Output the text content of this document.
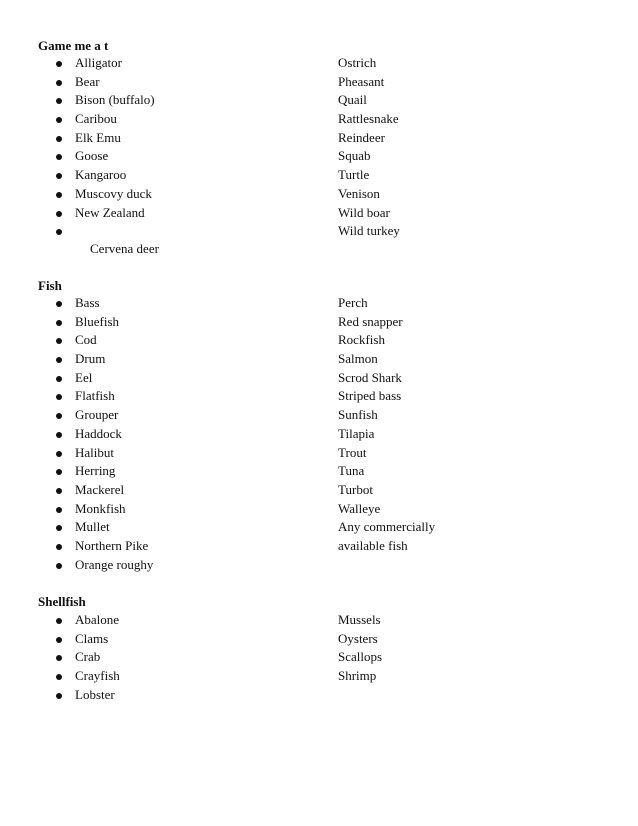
Game me a t
Alligator
Bear
Bison (buffalo)
Caribou
Elk Emu
Goose
Kangaroo
Muscovy duck
New Zealand
Cervena deer
Ostrich
Pheasant
Quail
Rattlesnake
Reindeer
Squab
Turtle
Venison
Wild boar
Wild turkey
Fish
Bass
Bluefish
Cod
Drum
Eel
Flatfish
Grouper
Haddock
Halibut
Herring
Mackerel
Monkfish
Mullet
Northern Pike
Orange roughy
Perch
Red snapper
Rockfish
Salmon
Scrod Shark
Striped bass
Sunfish
Tilapia
Trout
Tuna
Turbot
Walleye
Any commercially
available fish
Shellfish
Abalone
Clams
Crab
Crayfish
Lobster
Mussels
Oysters
Scallops
Shrimp
